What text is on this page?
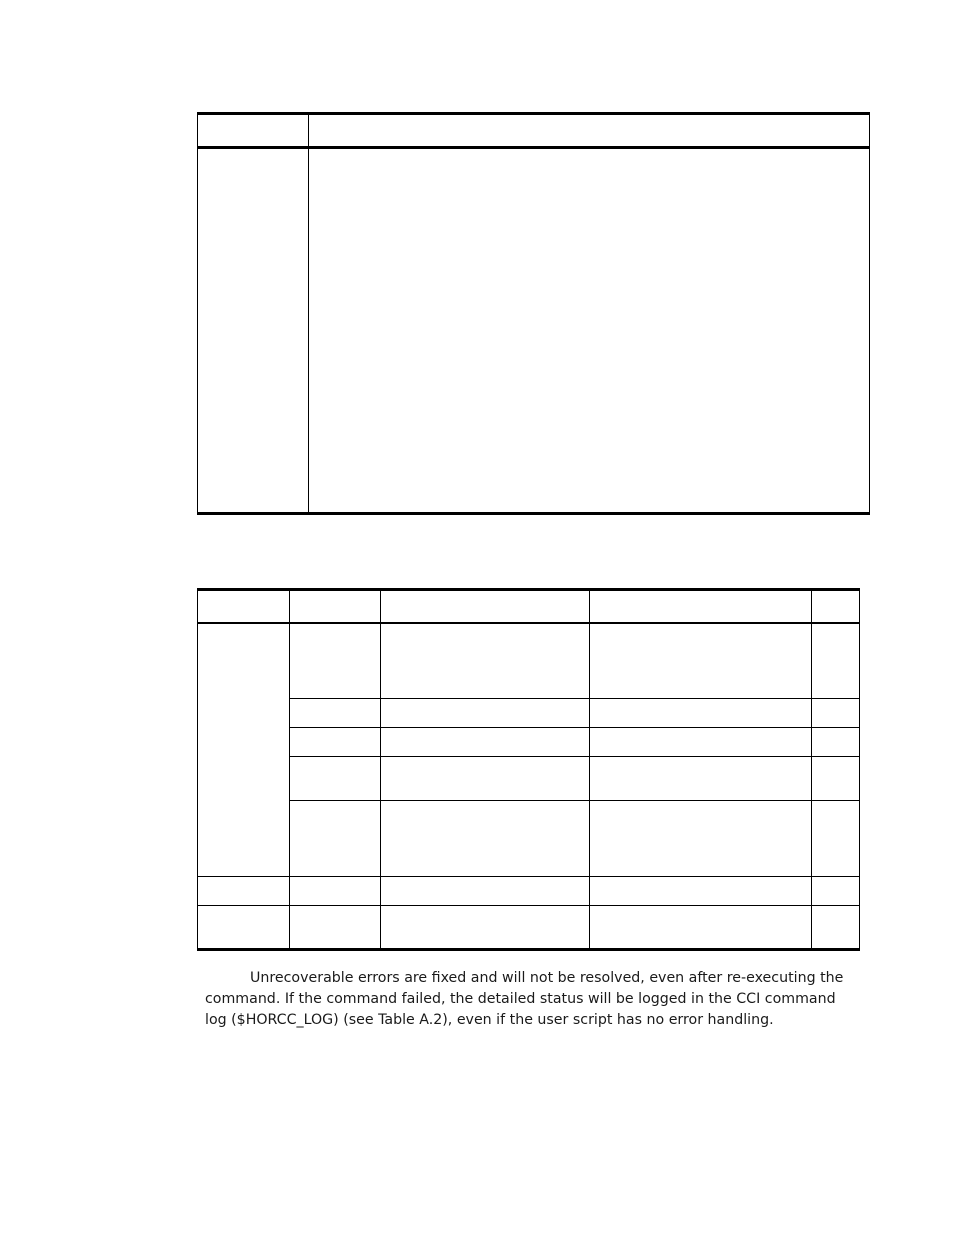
Unrecoverable errors are fixed and will not be resolved, even after re-executing the command. If the command failed, the detailed status will be logged in the CCI command log ($HORCC_LOG) (see Table A.2), even if the user script has no error handling.
